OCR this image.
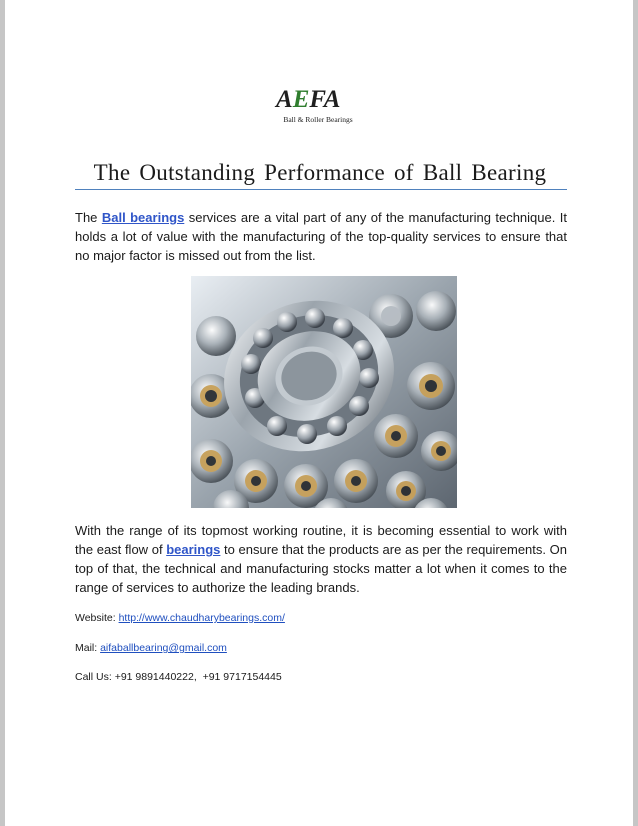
AEFA
Ball & Roller Bearings
The Outstanding Performance of Ball Bearing

The Ball bearings services are a vital part of any of the manufacturing technique. It holds a lot of value with the manufacturing of the top-quality services to ensure that no major factor is missed out from the list.

With the range of its topmost working routine, it is becoming essential to work with the east flow of bearings to ensure that the products are as per the requirements. On top of that, the technical and manufacturing stocks matter a lot when it comes to the range of services to authorize the leading brands.

Website: http://www.chaudharybearings.com/

Mail: aifaballbearing@gmail.com

Call Us: +91 9891440222,  +91 9717154445
